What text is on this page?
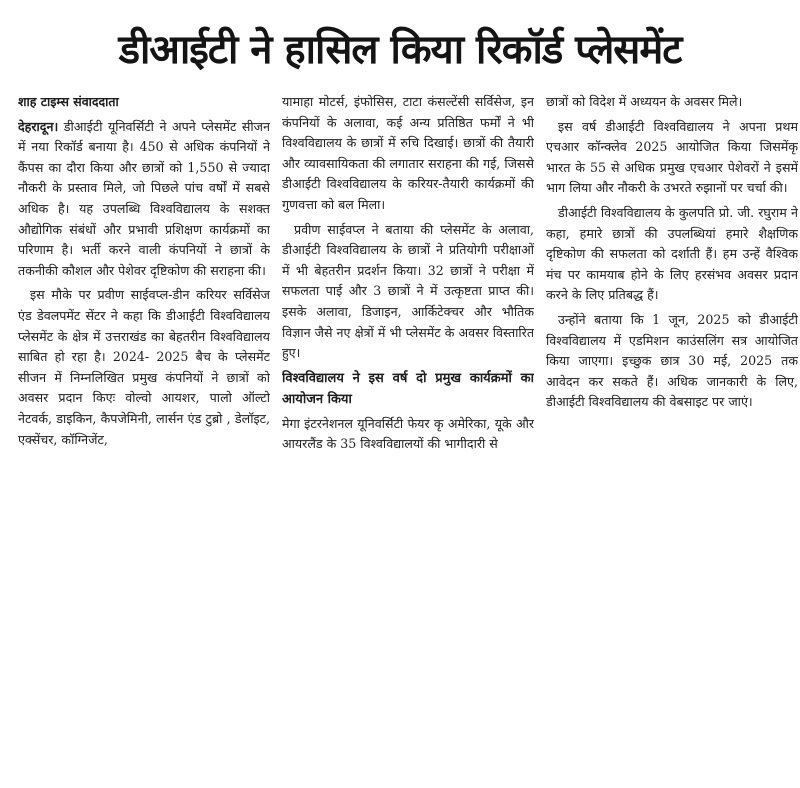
डीआईटी ने हासिल किया रिकॉर्ड प्लेसमेंट

शाह टाइम्स संवाददाता

देहरादून। डीआईटी यूनिवर्सिटी ने अपने प्लेसमेंट सीजन में नया रिकॉर्ड बनाया है। 450 से अधिक कंपनियों ने कैंपस का दौरा किया और छात्रों को 1,550 से ज्यादा नौकरी के प्रस्ताव मिले, जो पिछले पांच वर्षों में सबसे अधिक है। यह उपलब्धि विश्वविद्यालय के सशक्त औद्योगिक संबंधों और प्रभावी प्रशिक्षण कार्यक्रमों का परिणाम है। भर्ती करने वाली कंपनियों ने छात्रों के तकनीकी कौशल और पेशेवर दृष्टिकोण की सराहना की।

इस मौके पर प्रवीण साईवप्ल-डीन करियर सर्विसेज एंड डेवलपमेंट सेंटर ने कहा कि डीआईटी विश्वविद्यालय प्लेसमेंट के क्षेत्र में उत्तराखंड का बेहतरीन विश्वविद्यालय साबित हो रहा है। 2024- 2025 बैच के प्लेसमेंट सीजन में निम्नलिखित प्रमुख कंपनियों ने छात्रों को अवसर प्रदान किएः वोल्वो आयशर, पालो ऑल्टो नेटवर्क, डाइकिन, कैपजेमिनी, लार्सन एंड टुब्रो , डेलॉइट, एक्सेंचर, कॉग्निजेंट,

यामाहा मोटर्स, इंफोसिस, टाटा कंसल्टेंसी सर्विसेज, इन कंपनियों के अलावा, कई अन्य प्रतिष्ठित फर्मों ने भी विश्वविद्यालय के छात्रों में रुचि दिखाई। छात्रों की तैयारी और व्यावसायिकता की लगातार सराहना की गई, जिससे डीआईटी विश्वविद्यालय के करियर-तैयारी कार्यक्रमों की गुणवत्ता को बल मिला।

प्रवीण साईवप्ल ने बताया की प्लेसमेंट के अलावा, डीआईटी विश्वविद्यालय के छात्रों ने प्रतियोगी परीक्षाओं में भी बेहतरीन प्रदर्शन किया। 32 छात्रों ने परीक्षा में सफलता पाई और 3 छात्रों ने में उत्कृष्टता प्राप्त की। इसके अलावा, डिजाइन, आर्किटेक्चर और भौतिक विज्ञान जैसे नए क्षेत्रों में भी प्लेसमेंट के अवसर विस्तारित हुए।

विश्वविद्यालय ने इस वर्ष दो प्रमुख कार्यक्रमों का आयोजन किया

मेगा इंटरनेशनल यूनिवर्सिटी फेयर कृ अमेरिका, यूके और आयरलैंड के 35 विश्वविद्यालयों की भागीदारी से

छात्रों को विदेश में अध्ययन के अवसर मिले।

इस वर्ष डीआईटी विश्वविद्यालय ने अपना प्रथम एचआर कॉन्क्लेव 2025 आयोजित किया जिसमेंकृ भारत के 55 से अधिक प्रमुख एचआर पेशेवरों ने इसमें भाग लिया और नौकरी के उभरते रुझानों पर चर्चा की।

डीआईटी विश्वविद्यालय के कुलपति प्रो. जी. रघुराम ने कहा, हमारे छात्रों की उपलब्धियां हमारे शैक्षणिक दृष्टिकोण की सफलता को दर्शाती हैं। हम उन्हें वैश्विक मंच पर कामयाब होने के लिए हरसंभव अवसर प्रदान करने के लिए प्रतिबद्ध हैं।

उन्होंने बताया कि 1 जून, 2025 को डीआईटी विश्वविद्यालय में एडमिशन काउंसलिंग सत्र आयोजित किया जाएगा। इच्छुक छात्र 30 मई, 2025 तक आवेदन कर सकते हैं। अधिक जानकारी के लिए, डीआईटी विश्वविद्यालय की वेबसाइट पर जाएं।
